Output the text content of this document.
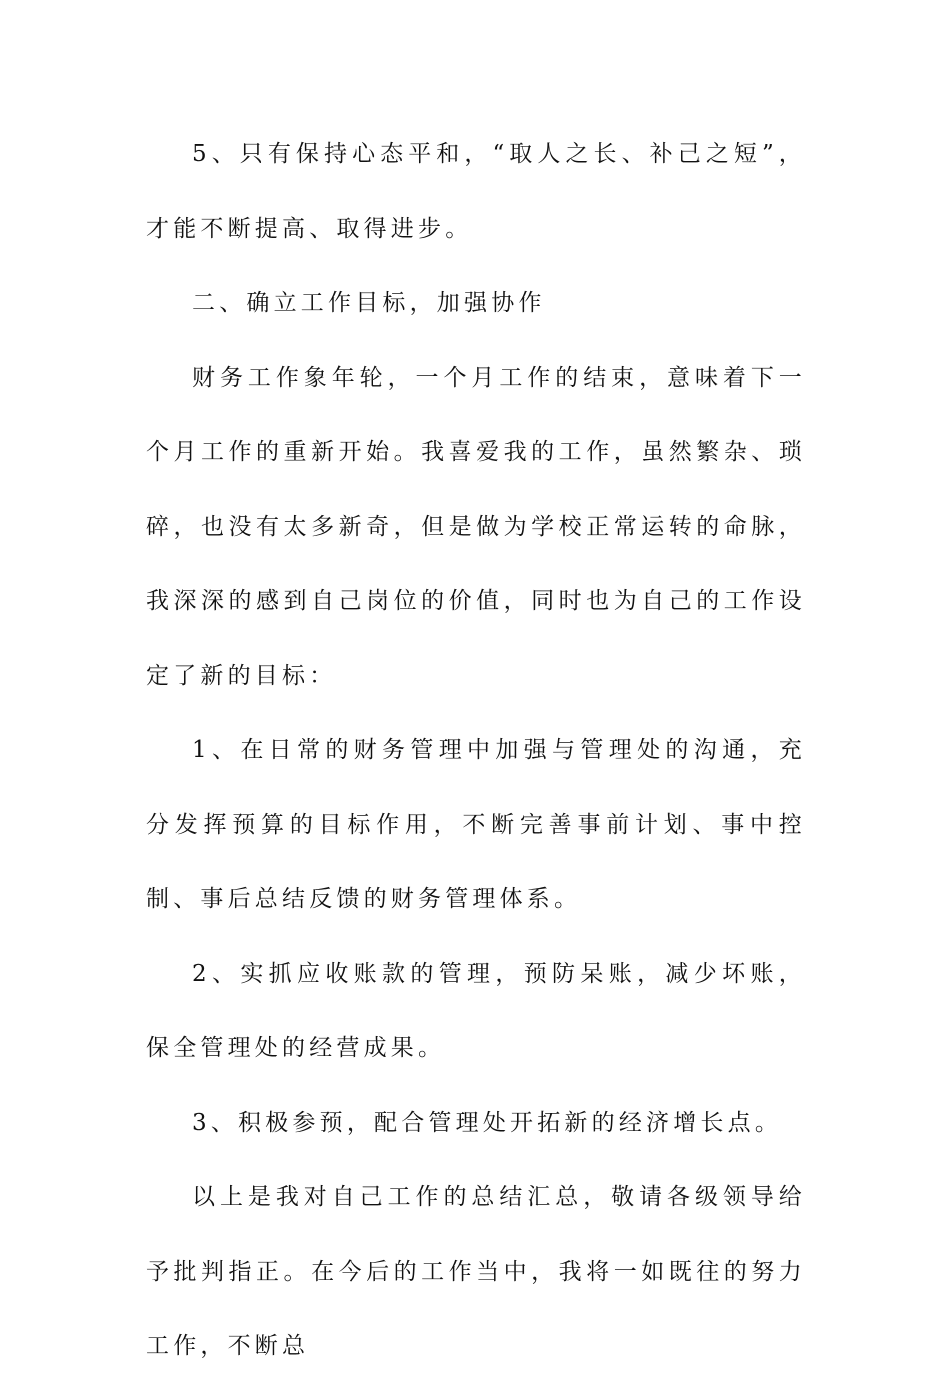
5、只有保持心态平和，“取人之长、补己之短”，才能不断提高、取得进步。

二、确立工作目标，加强协作

财务工作象年轮，一个月工作的结束，意味着下一个月工作的重新开始。我喜爱我的工作，虽然繁杂、琐碎，也没有太多新奇，但是做为学校正常运转的命脉，我深深的感到自己岗位的价值，同时也为自己的工作设定了新的目标：

1、在日常的财务管理中加强与管理处的沟通，充分发挥预算的目标作用，不断完善事前计划、事中控制、事后总结反馈的财务管理体系。

2、实抓应收账款的管理，预防呆账，减少坏账，保全管理处的经营成果。

3、积极参预，配合管理处开拓新的经济增长点。

以上是我对自己工作的总结汇总，敬请各级领导给予批判指正。在今后的工作当中，我将一如既往的努力工作，不断总
